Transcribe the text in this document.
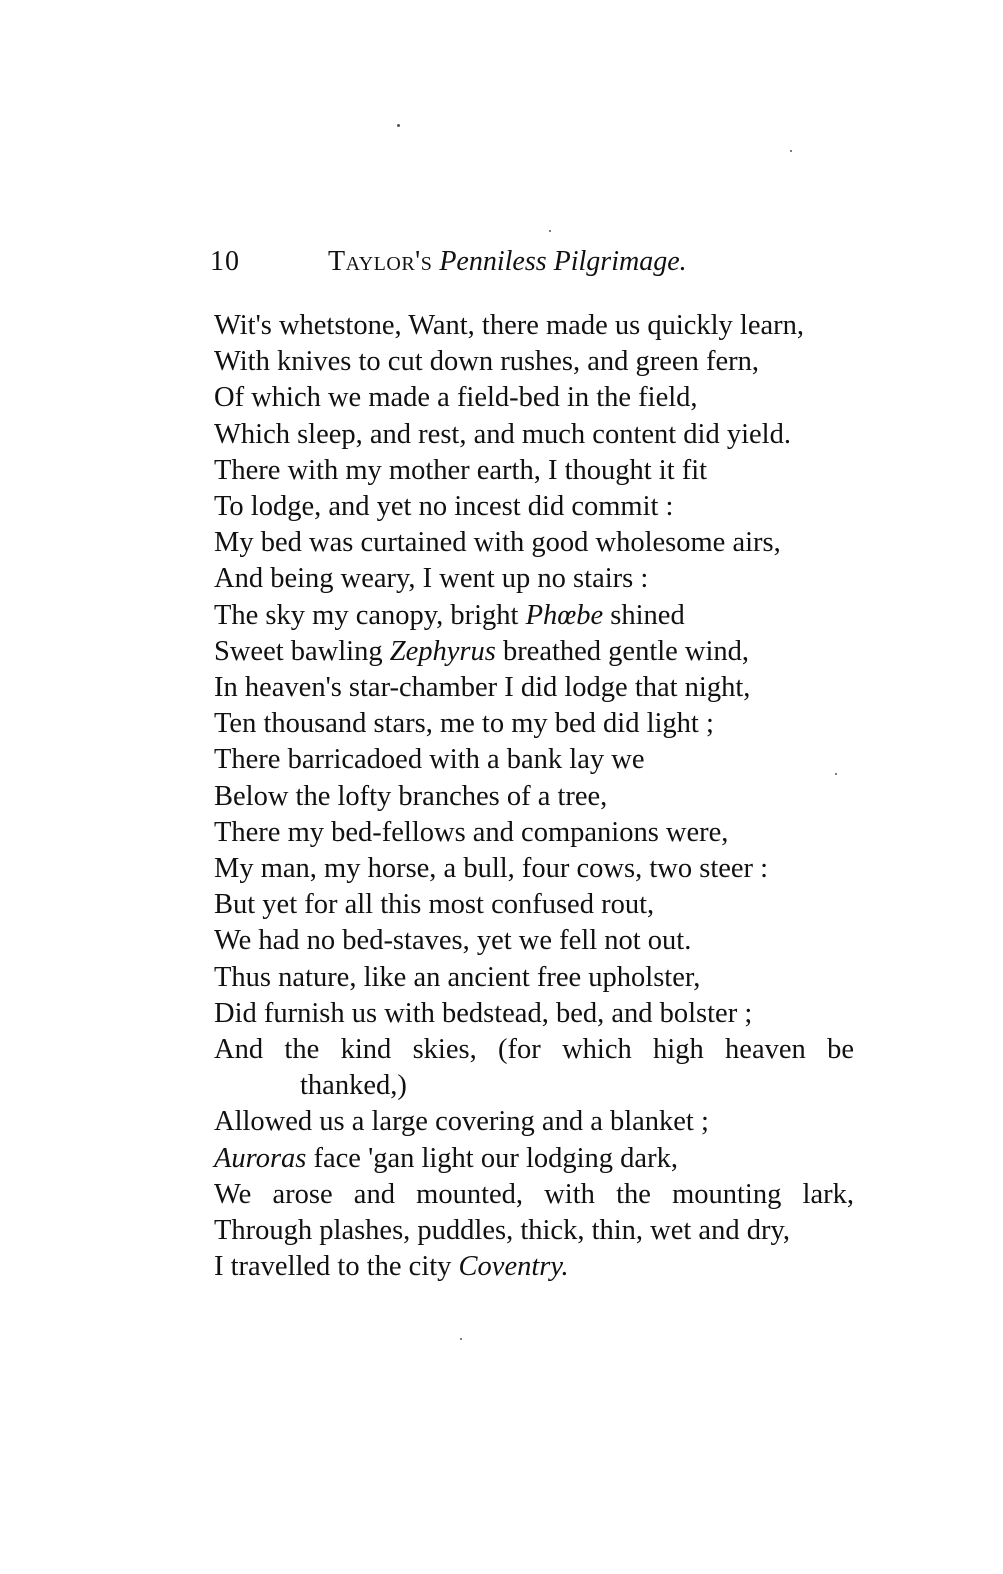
10	Taylor's Penniless Pilgrimage.
Wit's whetstone, Want, there made us quickly learn,
With knives to cut down rushes, and green fern,
Of which we made a field-bed in the field,
Which sleep, and rest, and much content did yield.
There with my mother earth, I thought it fit
To lodge, and yet no incest did commit :
My bed was curtained with good wholesome airs,
And being weary, I went up no stairs :
The sky my canopy, bright Phœbe shined
Sweet bawling Zephyrus breathed gentle wind,
In heaven's star-chamber I did lodge that night,
Ten thousand stars, me to my bed did light ;
There barricadoed with a bank lay we
Below the lofty branches of a tree,
There my bed-fellows and companions were,
My man, my horse, a bull, four cows, two steer :
But yet for all this most confused rout,
We had no bed-staves, yet we fell not out.
Thus nature, like an ancient free upholster,
Did furnish us with bedstead, bed, and bolster ;
And the kind skies, (for which high heaven be
thanked,)
Allowed us a large covering and a blanket ;
Auroras face 'gan light our lodging dark,
We arose and mounted, with the mounting lark,
Through plashes, puddles, thick, thin, wet and dry,
I travelled to the city Coventry.
